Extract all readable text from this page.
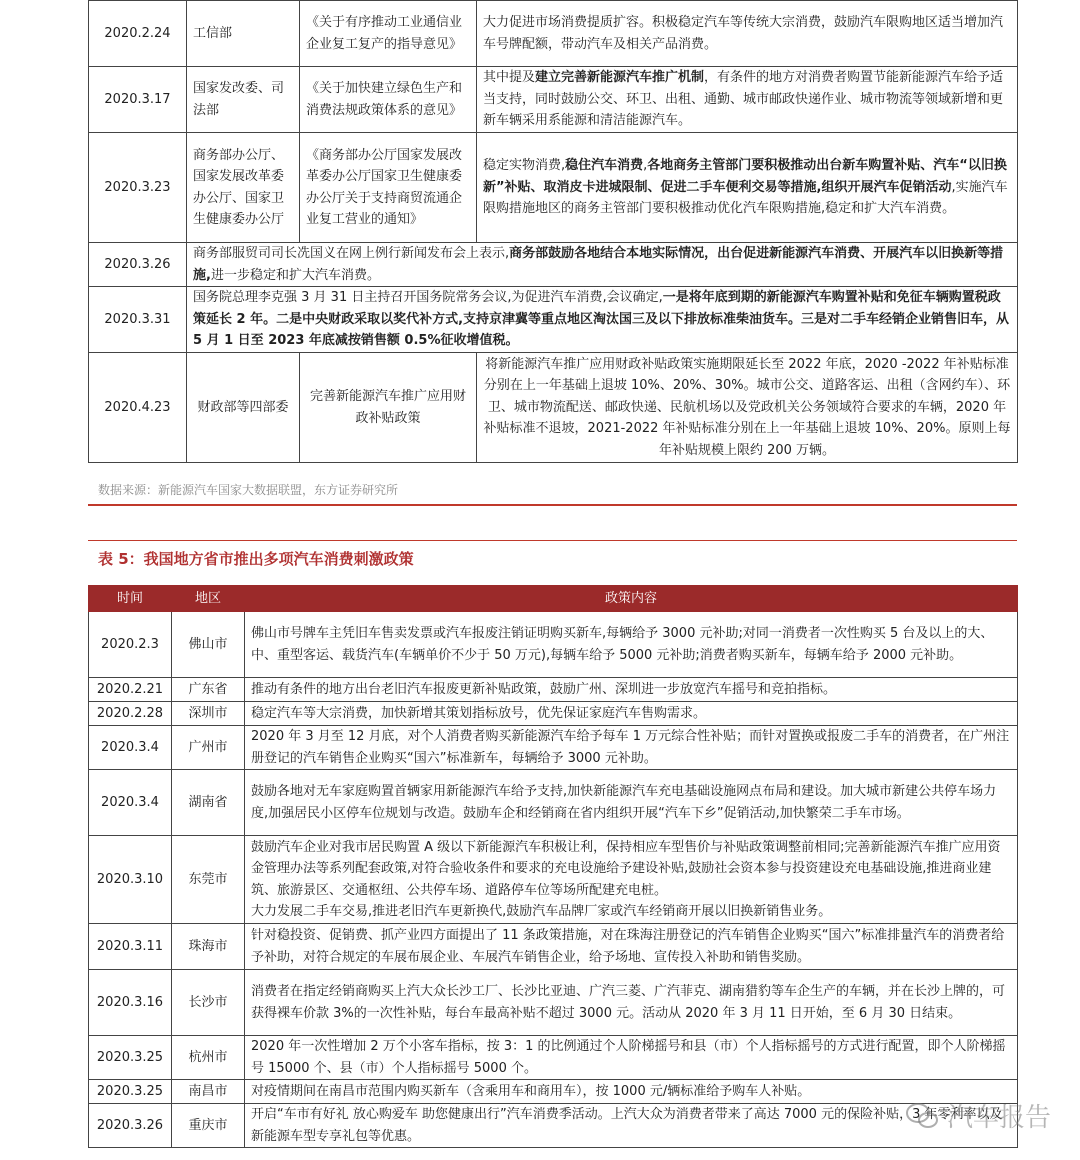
2020.2.24	工信部	《关于有序推动工业通信业企业复工复产的指导意见》	大力促进市场消费提质扩容。积极稳定汽车等传统大宗消费，鼓励汽车限购地区适当增加汽车号牌配额，带动汽车及相关产品消费。
2020.3.17	国家发改委、司法部	《关于加快建立绿色生产和消费法规政策体系的意见》	其中提及建立完善新能源汽车推广机制，有条件的地方对消费者购置节能新能源汽车给予适当支持，同时鼓励公交、环卫、出租、通勤、城市邮政快递作业、城市物流等领域新增和更新车辆采用系能源和清洁能源汽车。
2020.3.23	商务部办公厅、国家发展改革委办公厅、国家卫生健康委办公厅	《商务部办公厅国家发展改革委办公厅国家卫生健康委办公厅关于支持商贸流通企业复工营业的通知》	稳定实物消费,稳住汽车消费,各地商务主管部门要积极推动出台新车购置补贴、汽车“以旧换新”补贴、取消皮卡进城限制、促进二手车便利交易等措施,组织开展汽车促销活动,实施汽车限购措施地区的商务主管部门要积极推动优化汽车限购措施,稳定和扩大汽车消费。
2020.3.26	商务部服贸司司长冼国义在网上例行新闻发布会上表示,商务部鼓励各地结合本地实际情况，出台促进新能源汽车消费、开展汽车以旧换新等措施,进一步稳定和扩大汽车消费。		
2020.3.31	国务院总理李克强 3 月 31 日主持召开国务院常务会议,为促进汽车消费,会议确定,一是将年底到期的新能源汽车购置补贴和免征车辆购置税政策延长 2 年。二是中央财政采取以奖代补方式,支持京津冀等重点地区淘汰国三及以下排放标准柴油货车。三是对二手车经销企业销售旧车，从 5 月 1 日至 2023 年底减按销售额 0.5%征收增值税。		
2020.4.23	财政部等四部委	完善新能源汽车推广应用财政补贴政策	将新能源汽车推广应用财政补贴政策实施期限延长至 2022 年底，2020 -2022 年补贴标准分别在上一年基础上退坡 10%、20%、30%。城市公交、道路客运、出租（含网约车）、环卫、城市物流配送、邮政快递、民航机场以及党政机关公务领域符合要求的车辆，2020 年补贴标准不退坡，2021-2022 年补贴标准分别在上一年基础上退坡 10%、20%。原则上每年补贴规模上限约 200 万辆。
数据来源：新能源汽车国家大数据联盟，东方证券研究所
表 5：我国地方省市推出多项汽车消费刺激政策
时间	地区	政策内容
2020.2.3	佛山市	佛山市号牌车主凭旧车售卖发票或汽车报废注销证明购买新车,每辆给予 3000 元补助;对同一消费者一次性购买 5 台及以上的大、中、重型客运、载货汽车(车辆单价不少于 50 万元),每辆车给予 5000 元补助;消费者购买新车，每辆车给予 2000 元补助。
2020.2.21	广东省	推动有条件的地方出台老旧汽车报废更新补贴政策，鼓励广州、深圳进一步放宽汽车摇号和竞拍指标。
2020.2.28	深圳市	稳定汽车等大宗消费，加快新增其策划指标放号，优先保证家庭汽车售购需求。
2020.3.4	广州市	2020 年 3 月至 12 月底，对个人消费者购买新能源汽车给予每车 1 万元综合性补贴；而针对置换或报废二手车的消费者，在广州注册登记的汽车销售企业购买“国六”标准新车，每辆给予 3000 元补助。
2020.3.4	湖南省	鼓励各地对无车家庭购置首辆家用新能源汽车给予支持,加快新能源汽车充电基础设施网点布局和建设。加大城市新建公共停车场力度,加强居民小区停车位规划与改造。鼓励车企和经销商在省内组织开展“汽车下乡”促销活动,加快繁荣二手车市场。
2020.3.10	东莞市	鼓励汽车企业对我市居民购置 A 级以下新能源汽车积极让利，保持相应车型售价与补贴政策调整前相同;完善新能源汽车推广应用资金管理办法等系列配套政策,对符合验收条件和要求的充电设施给予建设补贴,鼓励社会资本参与投资建设充电基础设施,推进商业建筑、旅游景区、交通枢纽、公共停车场、道路停车位等场所配建充电桩。
大力发展二手车交易,推进老旧汽车更新换代,鼓励汽车品牌厂家或汽车经销商开展以旧换新销售业务。
2020.3.11	珠海市	针对稳投资、促销费、抓产业四方面提出了 11 条政策措施，对在珠海注册登记的汽车销售企业购买“国六”标准排量汽车的消费者给予补助，对符合规定的车展布展企业、车展汽车销售企业，给予场地、宣传投入补助和销售奖励。
2020.3.16	长沙市	消费者在指定经销商购买上汽大众长沙工厂、长沙比亚迪、广汽三菱、广汽菲克、湖南猎豹等车企生产的车辆，并在长沙上牌的，可获得裸车价款 3%的一次性补贴，每台车最高补贴不超过 3000 元。活动从 2020 年 3 月 11 日开始，至 6 月 30 日结束。
2020.3.25	杭州市	2020 年一次性增加 2 万个小客车指标，按 3：1 的比例通过个人阶梯摇号和县（市）个人指标摇号的方式进行配置，即个人阶梯摇号 15000 个、县（市）个人指标摇号 5000 个。
2020.3.25	南昌市	对疫情期间在南昌市范围内购买新车（含乘用车和商用车），按 1000 元/辆标准给予购车人补贴。
2020.3.26	重庆市	开启“车市有好礼 放心购爱车 助您健康出行”汽车消费季活动。上汽大众为消费者带来了高达 7000 元的保险补贴，3 年零利率以及新能源车型专享礼包等优惠。
汽车报告
